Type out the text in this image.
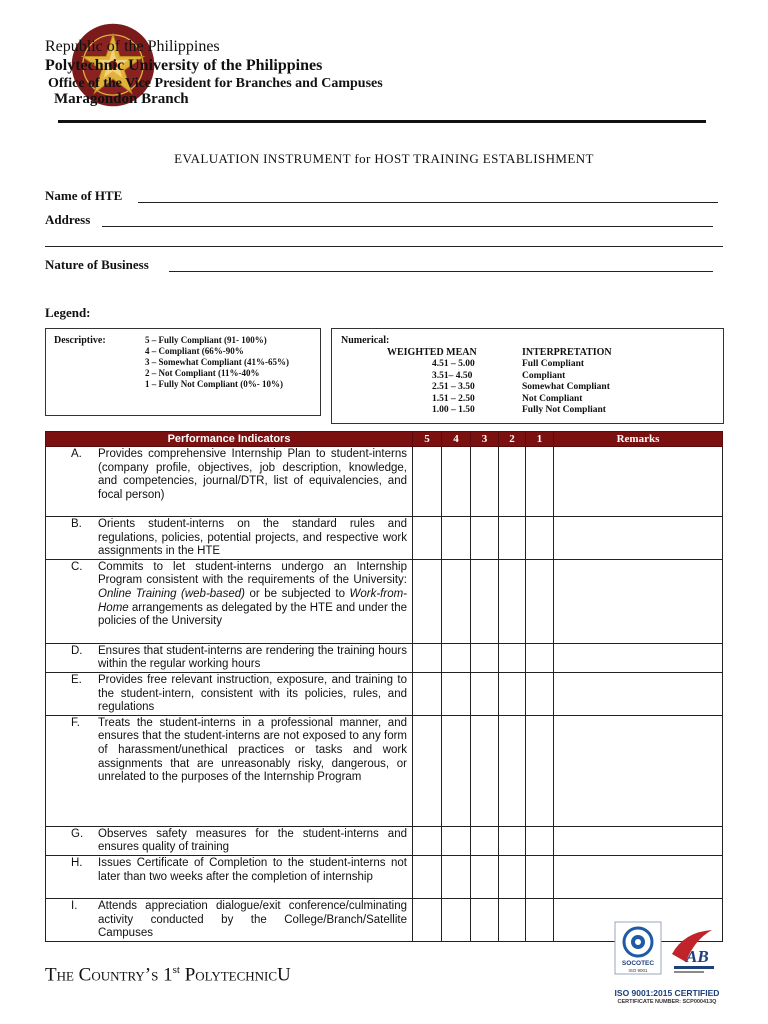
Republic of the Philippines
Polytechnic University of the Philippines
Office of the Vice President for Branches and Campuses
Maragondon Branch
EVALUATION INSTRUMENT for HOST TRAINING ESTABLISHMENT
Name of HTE
Address
Nature of Business
Legend:
Descriptive:	5 – Fully Compliant (91- 100%)
4 – Compliant (66%-90%
3 – Somewhat Compliant (41%-65%)
2 – Not Compliant (11%-40%
1 – Fully Not Compliant (0%- 10%)
Numerical:
WEIGHTED MEAN	INTERPRETATION
4.51 – 5.00	Full Compliant
3.51– 4.50	Compliant
2.51 – 3.50	Somewhat Compliant
1.51 – 2.50	Not Compliant
1.00 – 1.50	Fully Not Compliant
Performance Indicators	5	4	3	2	1	Remarks

A. Provides comprehensive Internship Plan to student-interns (company profile, objectives, job description, knowledge, and competencies, journal/DTR, list of equivalencies, and focal person)						

B. Orients student-interns on the standard rules and regulations, policies, potential projects, and respective work assignments in the HTE						

C. Commits to let student-interns undergo an Internship Program consistent with the requirements of the University: Online Training (web-based) or be subjected to Work-from-Home arrangements as delegated by the HTE and under the policies of the University						

D. Ensures that student-interns are rendering the training hours within the regular working hours						

E. Provides free relevant instruction, exposure, and training to the student-intern, consistent with its policies, rules, and regulations						

F. Treats the student-interns in a professional manner, and ensures that the student-interns are not exposed to any form of harassment/unethical practices or tasks and work assignments that are unreasonably risky, dangerous, or unrelated to the purposes of the Internship Program						

G. Observes safety measures for the student-interns and ensures quality of training						

H. Issues Certificate of Completion to the student-interns not later than two weeks after the completion of internship						

I. Attends appreciation dialogue/exit conference/culminating activity conducted by the College/Branch/Satellite Campuses						

The Country’s 1st PolytechnicU
SOCOTEC
ISO 9001
AB
ISO 9001:2015 CERTIFIED
CERTIFICATE NUMBER: SCP000413Q
